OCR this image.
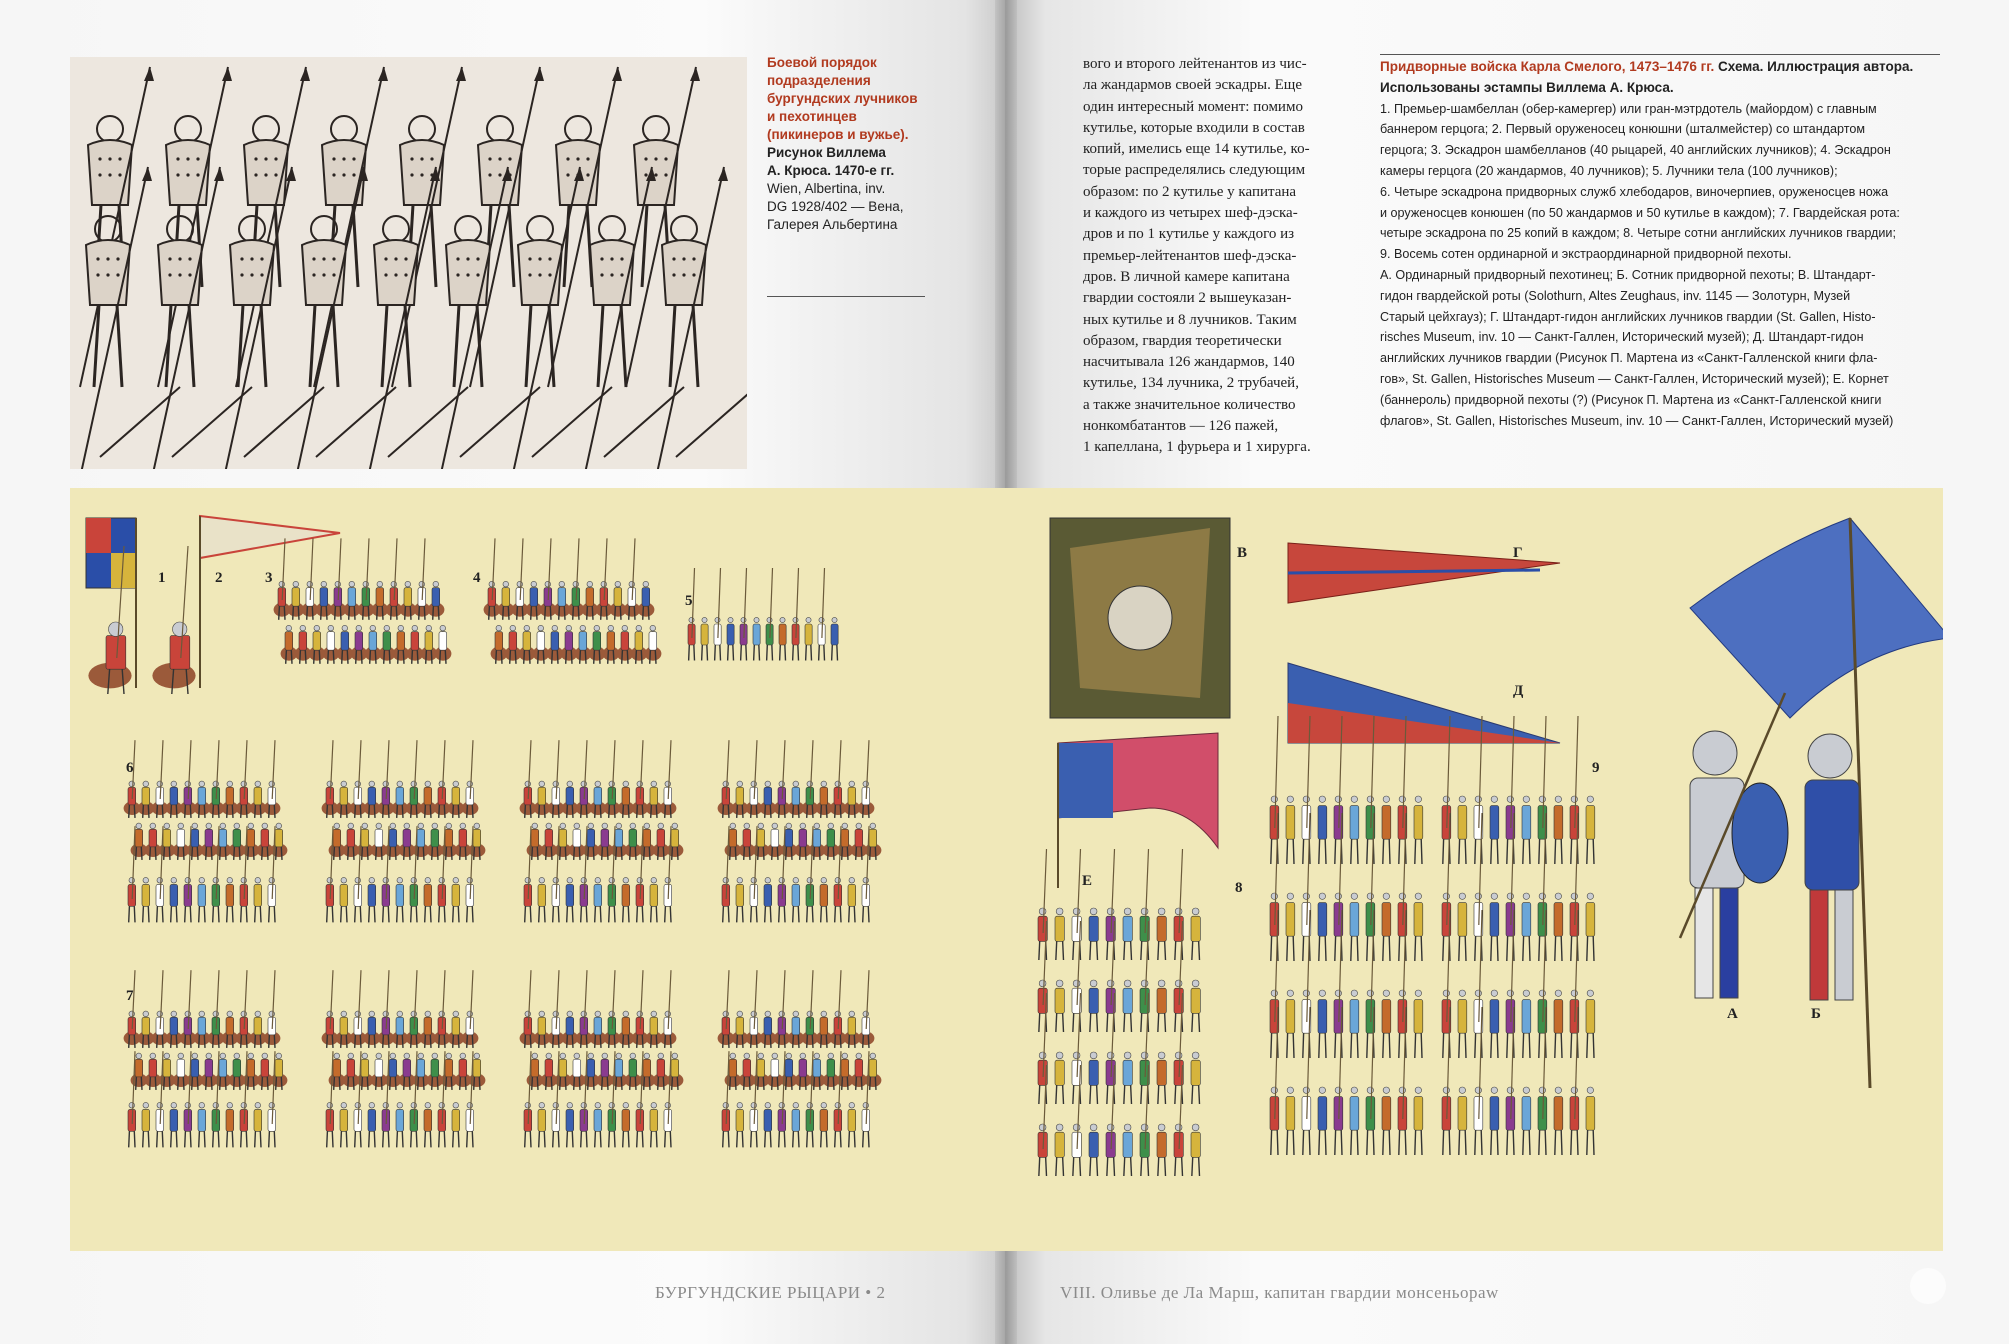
Боевой порядок
подразделения
бургундских лучников
и пехотинцев
(пикинеров и вужье).
Рисунок Виллема
А. Крюса. 1470-е гг.
Wien, Albertina, inv.
DG 1928/402 — Вена,
Галерея Альбертина
вого и второго лейтенантов из чис-
ла жандармов своей эскадры. Еще
один интересный момент: помимо
кутилье, которые входили в состав
копий, имелись еще 14 кутилье, ко-
торые распределялись следующим
образом: по 2 кутилье у капитана
и каждого из четырех шеф-дэска-
дров и по 1 кутилье у каждого из
премьер-лейтенантов шеф-дэска-
дров. В личной камере капитана
гвардии состояли 2 вышеуказан-
ных кутилье и 8 лучников. Таким
образом, гвардия теоретически
насчитывала 126 жандармов, 140
кутилье, 134 лучника, 2 трубачей,
а также значительное количество
нонкомбатантов — 126 пажей,
1 капеллана, 1 фурьера и 1 хирурга.
Придворные войска Карла Смелого, 1473–1476 гг. Схема. Иллюстрация автора.
Использованы эстампы Виллема А. Крюса.

1. Премьер-шамбеллан (обер-камергер) или гран-мэтрдотель (майордом) с главным

баннером герцога; 2. Первый оруженосец конюшни (шталмейстер) со штандартом

герцога; 3. Эскадрон шамбелланов (40 рыцарей, 40 английских лучников); 4. Эскадрон

камеры герцога (20 жандармов, 40 лучников); 5. Лучники тела (100 лучников);

6. Четыре эскадрона придворных служб хлебодаров, виночерпиев, оруженосцев ножа

и оруженосцев конюшен (по 50 жандармов и 50 кутилье в каждом); 7. Гвардейская рота:

четыре эскадрона по 25 копий в каждом; 8. Четыре сотни английских лучников гвардии;

9. Восемь сотен ординарной и экстраординарной придворной пехоты.

А. Ординарный придворный пехотинец; Б. Сотник придворной пехоты; В. Штандарт-

гидон гвардейской роты (Solothurn, Altes Zeughaus, inv. 1145 — Золотурн, Музей

Старый цейхгауз); Г. Штандарт-гидон английских лучников гвардии (St. Gallen, Histo-

risches Museum, inv. 10 — Санкт-Галлен, Исторический музей); Д. Штандарт-гидон

английских лучников гвардии (Рисунок П. Мартена из «Санкт-Галленской книги фла-

гов», St. Gallen, Historisches Museum — Санкт-Галлен, Исторический музей); Е. Корнет

(баннероль) придворной пехоты (?) (Рисунок П. Мартена из «Санкт-Галленской книги

флагов», St. Gallen, Historisches Museum, inv. 10 — Санкт-Галлен, Исторический музей)

1	2	3	4
5
6
7
8
9
В	Г
Д
Е
А	Б
БУРГУНДСКИЕ РЫЦАРИ • 2	VIII. Оливье де Ла Марш, капитан гвардии монсеньораw
